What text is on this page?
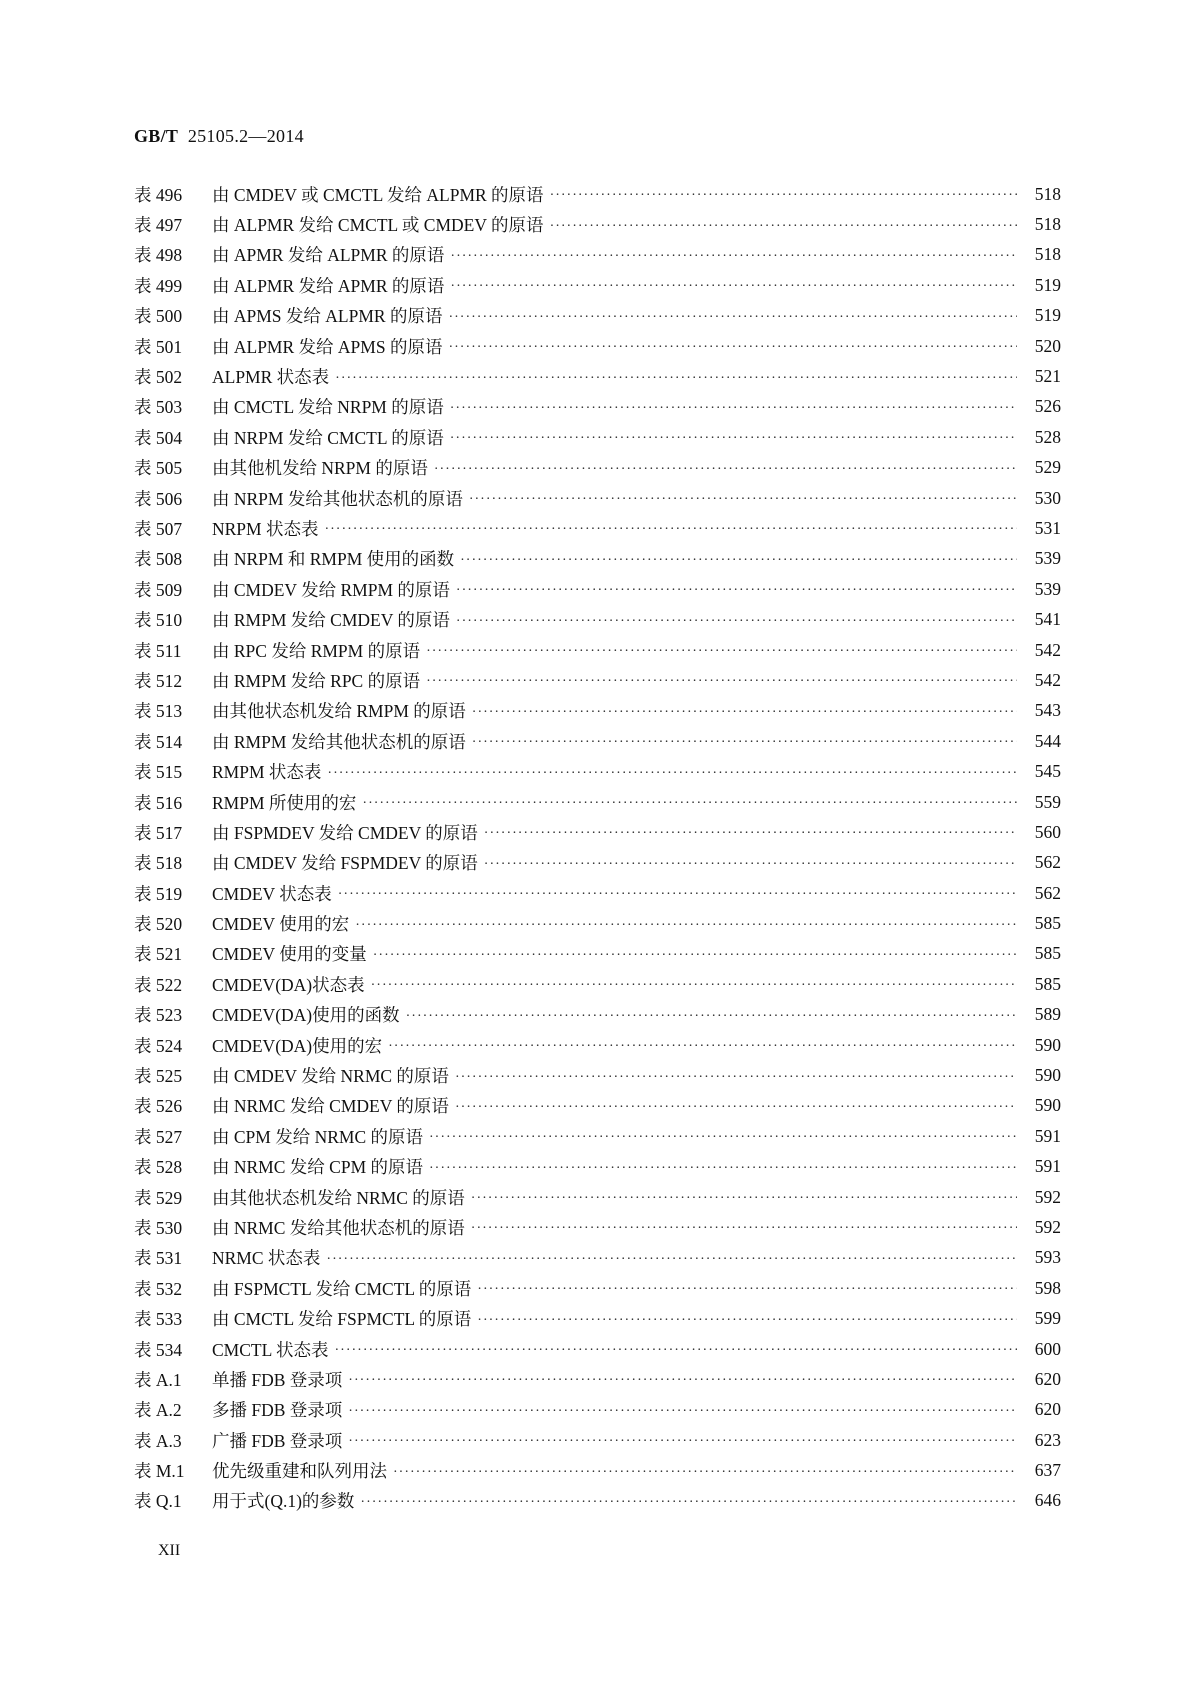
GB/T 25105.2—2014
表 496	由 CMDEV 或 CMCTL 发给 ALPMR 的原语 ·····	518
表 497	由 ALPMR 发给 CMCTL 或 CMDEV 的原语 ·····	518
表 498	由 APMR 发给 ALPMR 的原语 ·····	518
表 499	由 ALPMR 发给 APMR 的原语 ·····	519
表 500	由 APMS 发给 ALPMR 的原语 ·····	519
表 501	由 ALPMR 发给 APMS 的原语 ·····	520
表 502	ALPMR 状态表 ·····	521
表 503	由 CMCTL 发给 NRPM 的原语 ·····	526
表 504	由 NRPM 发给 CMCTL 的原语 ·····	528
表 505	由其他机发给 NRPM 的原语 ·····	529
表 506	由 NRPM 发给其他状态机的原语 ·····	530
表 507	NRPM 状态表 ·····	531
表 508	由 NRPM 和 RMPM 使用的函数 ·····	539
表 509	由 CMDEV 发给 RMPM 的原语 ·····	539
表 510	由 RMPM 发给 CMDEV 的原语 ·····	541
表 511	由 RPC 发给 RMPM 的原语 ·····	542
表 512	由 RMPM 发给 RPC 的原语 ·····	542
表 513	由其他状态机发给 RMPM 的原语 ·····	543
表 514	由 RMPM 发给其他状态机的原语 ·····	544
表 515	RMPM 状态表 ·····	545
表 516	RMPM 所使用的宏 ·····	559
表 517	由 FSPMDEV 发给 CMDEV 的原语 ·····	560
表 518	由 CMDEV 发给 FSPMDEV 的原语 ·····	562
表 519	CMDEV 状态表 ·····	562
表 520	CMDEV 使用的宏 ·····	585
表 521	CMDEV 使用的变量 ·····	585
表 522	CMDEV(DA)状态表 ·····	585
表 523	CMDEV(DA)使用的函数 ·····	589
表 524	CMDEV(DA)使用的宏 ·····	590
表 525	由 CMDEV 发给 NRMC 的原语 ·····	590
表 526	由 NRMC 发给 CMDEV 的原语 ·····	590
表 527	由 CPM 发给 NRMC 的原语 ·····	591
表 528	由 NRMC 发给 CPM 的原语 ·····	591
表 529	由其他状态机发给 NRMC 的原语 ·····	592
表 530	由 NRMC 发给其他状态机的原语 ·····	592
表 531	NRMC 状态表 ·····	593
表 532	由 FSPMCTL 发给 CMCTL 的原语 ·····	598
表 533	由 CMCTL 发给 FSPMCTL 的原语 ·····	599
表 534	CMCTL 状态表 ·····	600
表 A.1	单播 FDB 登录项 ·····	620
表 A.2	多播 FDB 登录项 ·····	620
表 A.3	广播 FDB 登录项 ·····	623
表 M.1	优先级重建和队列用法 ·····	637
表 Q.1	用于式(Q.1)的参数 ·····	646
XII
